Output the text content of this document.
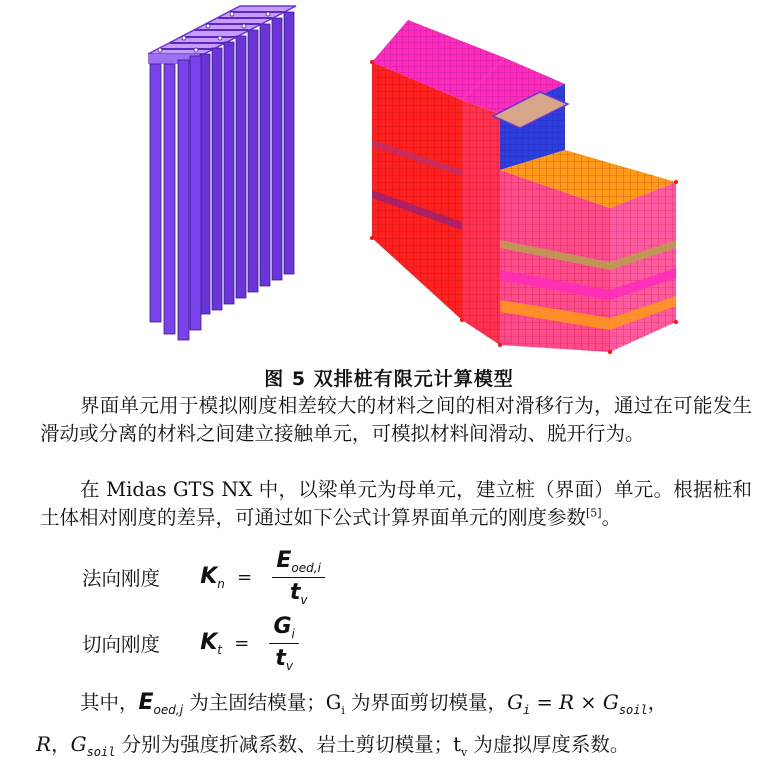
图 5 双排桩有限元计算模型
界面单元用于模拟刚度相差较大的材料之间的相对滑移行为，通过在可能发生滑动或分离的材料之间建立接触单元，可模拟材料间滑动、脱开行为。
在 Midas GTS NX 中，以梁单元为母单元，建立桩（界面）单元。根据桩和土体相对刚度的差异，可通过如下公式计算界面单元的刚度参数[5]。
法向刚度 $K_n = \frac{E_{oed,i}}{t_v}$
切向刚度 $K_t = \frac{G_i}{t_v}$
其中，$E_{oed,j}$ 为主固结模量；$G_i$ 为界面剪切模量，$G_i = R \times G_{soil}$，
R，$G_{soil}$ 分别为强度折减系数、岩土剪切模量；$t_v$ 为虚拟厚度系数。
